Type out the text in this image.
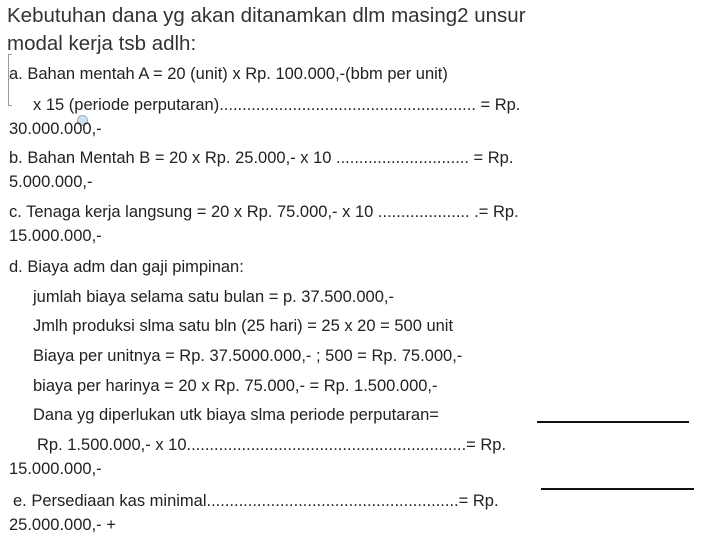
Kebutuhan dana yg akan ditanamkan dlm masing2 unsur
modal kerja tsb adlh:
a. Bahan mentah A = 20 (unit) x Rp. 100.000,-(bbm per unit)
x 15 (periode perputaran)........................................................ = Rp.
30.000.000,-
b. Bahan Mentah B = 20 x Rp. 25.000,- x 10 ............................. = Rp.
5.000.000,-
c. Tenaga kerja langsung = 20 x Rp. 75.000,- x 10 .................... .= Rp.
15.000.000,-
d. Biaya adm dan gaji pimpinan:
jumlah biaya selama satu bulan = p. 37.500.000,-
Jmlh produksi slma satu bln (25 hari) = 25 x 20 = 500 unit
Biaya per unitnya = Rp. 37.5000.000,- ; 500 = Rp. 75.000,-
biaya per harinya = 20 x Rp. 75.000,- = Rp. 1.500.000,-
Dana yg diperlukan utk biaya slma periode perputaran=
Rp. 1.500.000,- x 10.............................................................= Rp.
15.000.000,-
e. Persediaan kas minimal.......................................................= Rp.
25.000.000,- +
